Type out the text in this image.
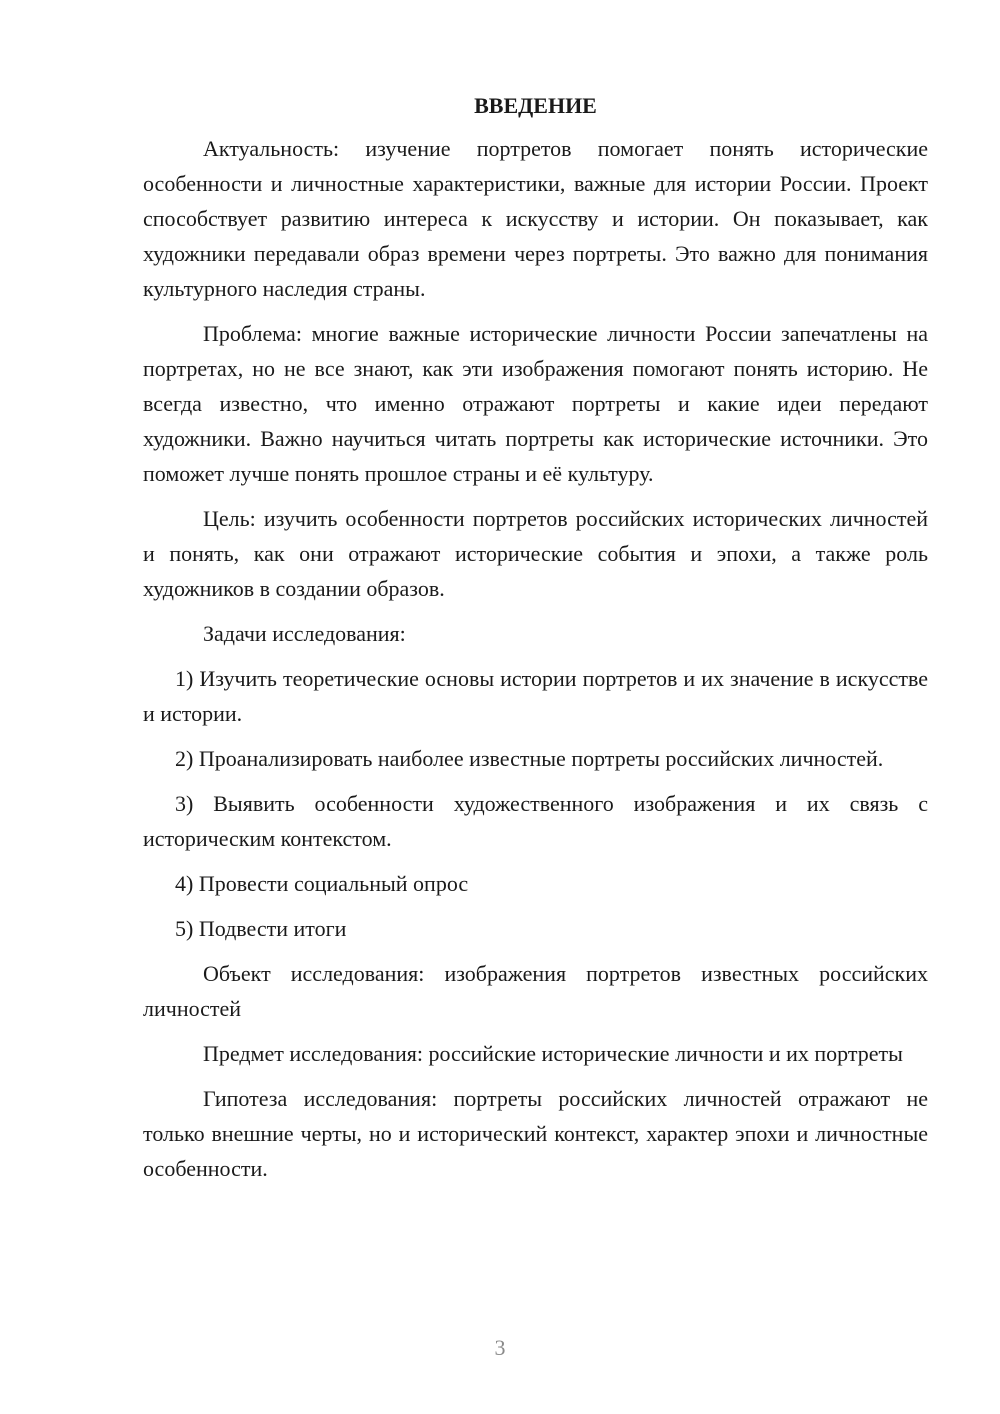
ВВЕДЕНИЕ

Актуальность: изучение портретов помогает понять исторические особенности и личностные характеристики, важные для истории России. Проект способствует развитию интереса к искусству и истории. Он показывает, как художники передавали образ времени через портреты. Это важно для понимания культурного наследия страны.

Проблема: многие важные исторические личности России запечатлены на портретах, но не все знают, как эти изображения помогают понять историю. Не всегда известно, что именно отражают портреты и какие идеи передают художники. Важно научиться читать портреты как исторические источники. Это поможет лучше понять прошлое страны и её культуру.

Цель: изучить особенности портретов российских исторических личностей и понять, как они отражают исторические события и эпохи, а также роль художников в создании образов.

Задачи исследования:

1) Изучить теоретические основы истории портретов и их значение в искусстве и истории.

2) Проанализировать наиболее известные портреты российских личностей.

3) Выявить особенности художественного изображения и их связь с историческим контекстом.

4) Провести социальный опрос

5) Подвести итоги

Объект исследования: изображения портретов известных российских личностей

Предмет исследования: российские исторические личности и их портреты

Гипотеза исследования: портреты российских личностей отражают не только внешние черты, но и исторический контекст, характер эпохи и личностные особенности.

3
